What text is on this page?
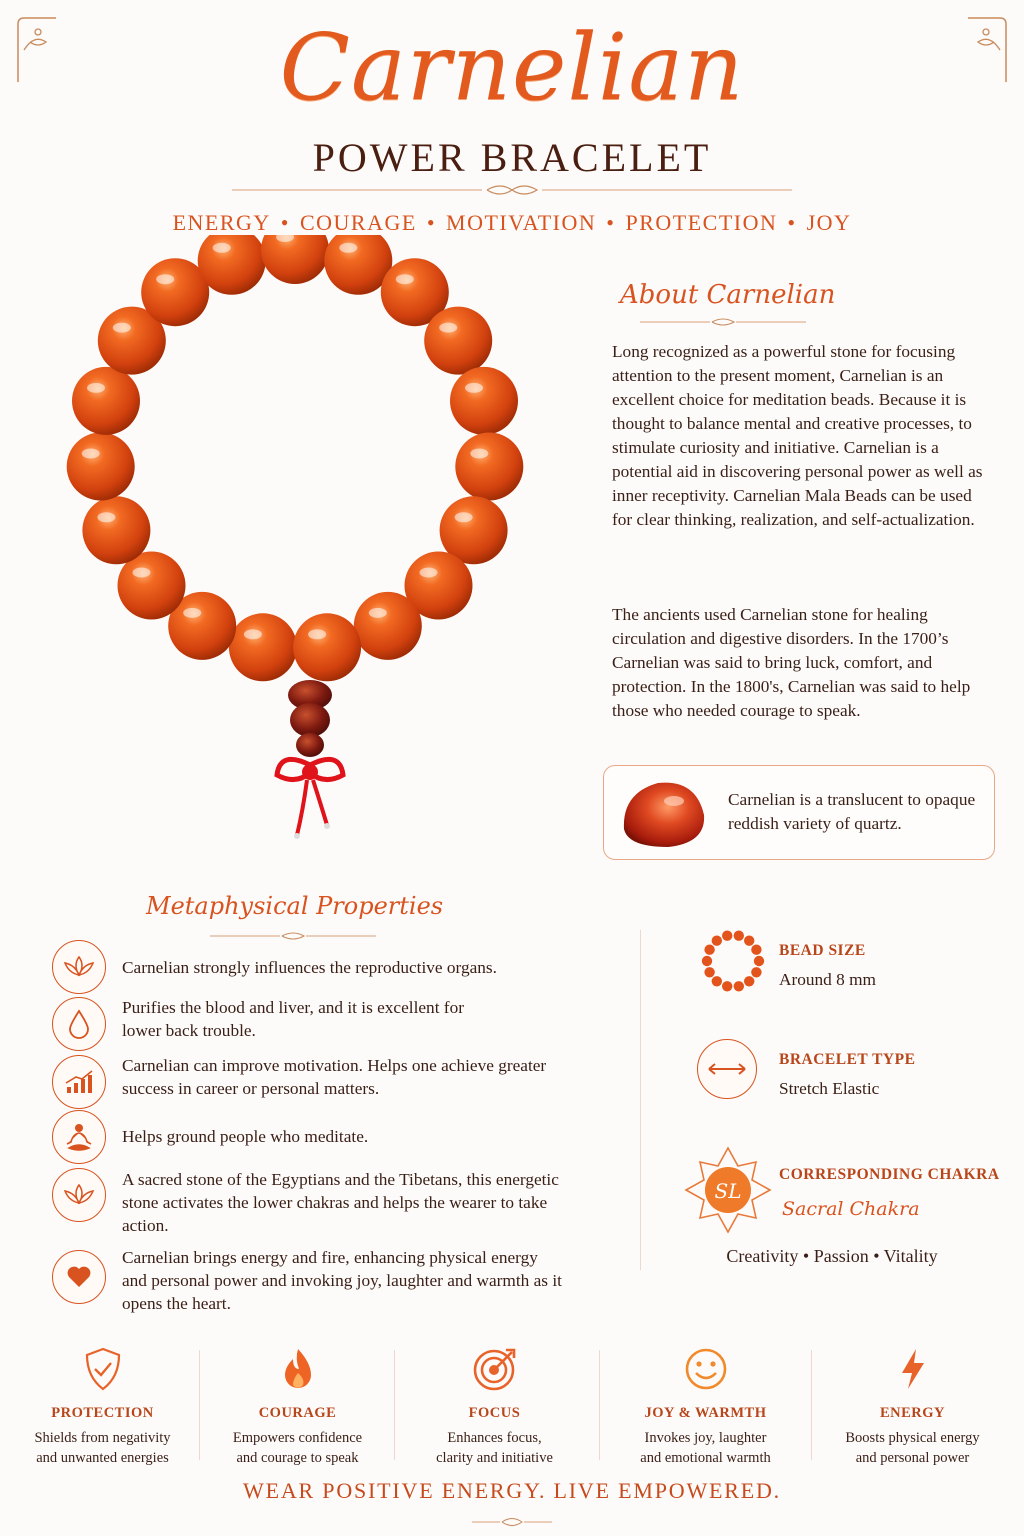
Carnelian
POWER BRACELET
ENERGY • COURAGE • MOTIVATION • PROTECTION • JOY
About Carnelian
Long recognized as a powerful stone for focusing attention to the present moment, Carnelian is an excellent choice for meditation beads. Because it is thought to balance mental and creative processes, to stimulate curiosity and initiative. Carnelian is a potential aid in discovering personal power as well as inner receptivity. Carnelian Mala Beads can be used for clear thinking, realization, and self-actualization.
The ancients used Carnelian stone for healing circulation and digestive disorders. In the 1700’s Carnelian was said to bring luck, comfort, and protection. In the 1800's, Carnelian was said to help those who needed courage to speak.
Carnelian is a translucent to opaque reddish variety of quartz.
Metaphysical Properties
Carnelian strongly influences the reproductive organs.
Purifies the blood and liver, and it is excellent for lower back trouble.
Carnelian can improve motivation. Helps one achieve greater success in career or personal matters.
Helps ground people who meditate.
A sacred stone of the Egyptians and the Tibetans, this energetic stone activates the lower chakras and helps the wearer to take action.
Carnelian brings energy and fire, enhancing physical energy and personal power and invoking joy, laughter and warmth as it opens the heart.
BEAD SIZE
Around 8 mm
BRACELET TYPE
Stretch Elastic
SL
CORRESPONDING CHAKRA
Sacral Chakra
Creativity • Passion • Vitality
PROTECTION
Shields from negativity
and unwanted energies
COURAGE
Empowers confidence
and courage to speak
FOCUS
Enhances focus,
clarity and initiative
JOY & WARMTH
Invokes joy, laughter
and emotional warmth
ENERGY
Boosts physical energy
and personal power
WEAR POSITIVE ENERGY. LIVE EMPOWERED.
